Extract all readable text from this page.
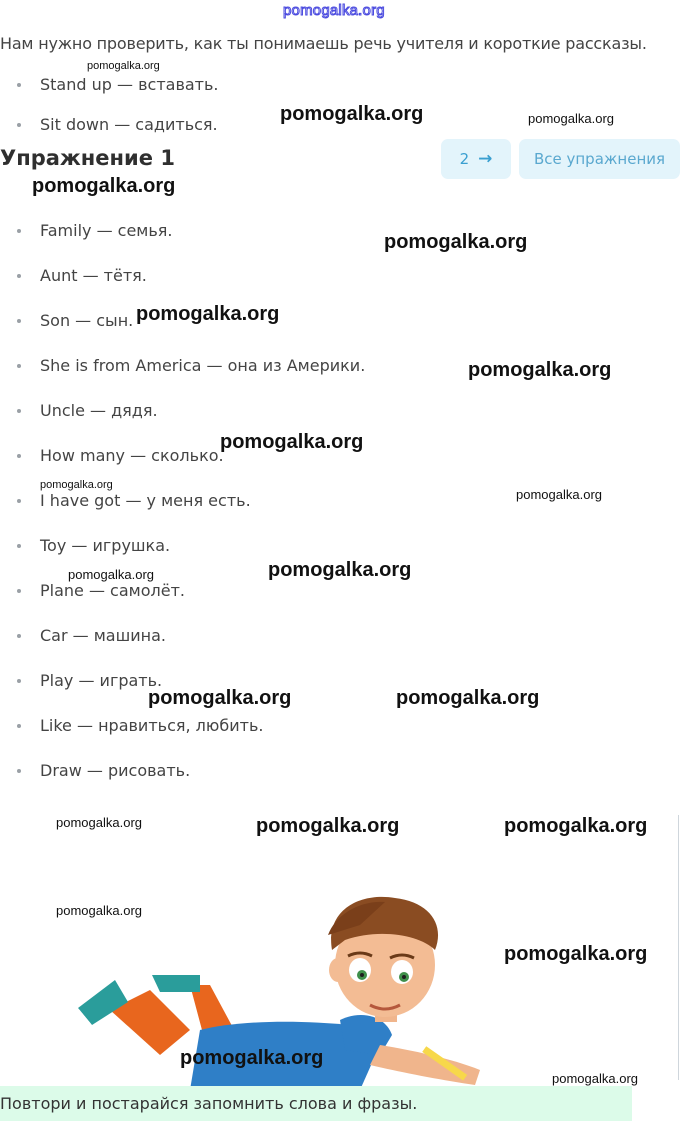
pomogalka.org
Нам нужно проверить, как ты понимаешь речь учителя и короткие рассказы.
Stand up — вставать.
Sit down — садиться.
Упражнение 1	2 →	Все упражнения
Family — семья.
Aunt — тётя.
Son — сын.
She is from America — она из Америки.
Uncle — дядя.
How many — сколько.
I have got — у меня есть.
Toy — игрушка.
Plane — самолёт.
Car — машина.
Play — играть.
Like — нравиться, любить.
Draw — рисовать.
pomogalka.org
pomogalka.org	pomogalka.org
pomogalka.org
pomogalka.org
pomogalka.org
pomogalka.org
pomogalka.org
pomogalka.org
pomogalka.org
pomogalka.org	pomogalka.org
pomogalka.org	pomogalka.org
pomogalka.org	pomogalka.org	pomogalka.org
pomogalka.org
pomogalka.org
pomogalka.org
pomogalka.org
Повтори и постарайся запомнить слова и фразы.
